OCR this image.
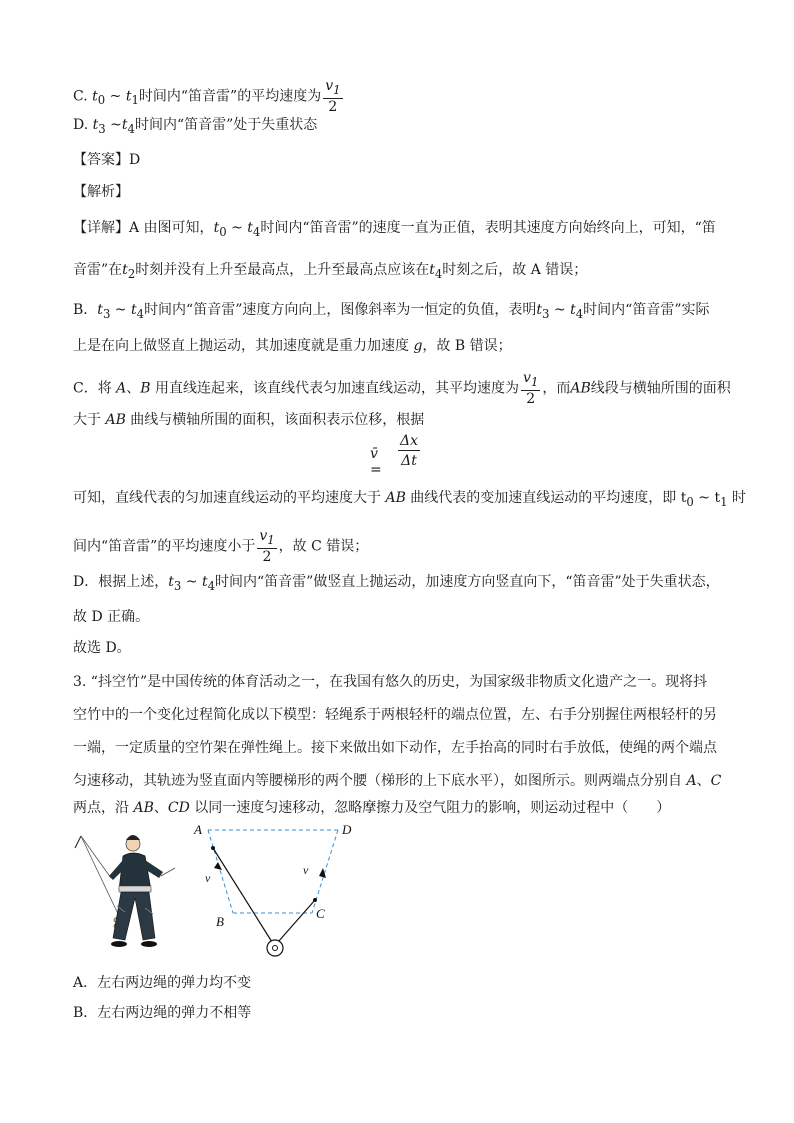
C. $t_0$ ~ $t_1$时间内“笛音雷”的平均速度为 $\frac{v_1}{2}$
D. $t_3$ $\sim t_4$时间内“笛音雷”处于失重状态
【答案】D
【解析】
【详解】A 由图可知，$t_0$ ~ $t_4$时间内“笛音雷”的速度一直为正值，表明其速度方向始终向上，可知，“笛
音雷”在$t_2$时刻并没有上升至最高点，上升至最高点应该在$t_4$时刻之后，故 A 错误；
B．$t_3$ ~ $t_4$时间内“笛音雷”速度方向向上，图像斜率为一恒定的负值，表明$t_3$ ~ $t_4$时间内“笛音雷”实际
上是在向上做竖直上抛运动，其加速度就是重力加速度 g，故 B 错误；
C．将 A、B 用直线连起来，该直线代表匀加速直线运动，其平均速度为 $\frac{v_1}{2}$ ，而AB线段与横轴所围的面积
大于 AB 曲线与横轴所围的面积，该面积表示位移，根据
v̄ = $\frac{\Delta x}{\Delta t}$
可知，直线代表的匀加速直线运动的平均速度大于 AB 曲线代表的变加速直线运动的平均速度，即 $t_0$ ~ $t_1$ 时
间内“笛音雷”的平均速度小于 $\frac{v_1}{2}$ ，故 C 错误；
D．根据上述，$t_3$ ~ $t_4$时间内“笛音雷”做竖直上抛运动，加速度方向竖直向下，“笛音雷”处于失重状态，
故 D 正确。
故选 D。
3. “抖空竹”是中国传统的体育活动之一，在我国有悠久的历史，为国家级非物质文化遗产之一。现将抖
空竹中的一个变化过程简化成以下模型：轻绳系于两根轻杆的端点位置，左、右手分别握住两根轻杆的另
一端，一定质量的空竹架在弹性绳上。接下来做出如下动作，左手抬高的同时右手放低，使绳的两个端点
匀速移动，其轨迹为竖直面内等腰梯形的两个腰（梯形的上下底水平），如图所示。则两端点分别自 A、C
两点，沿 AB、CD 以同一速度匀速移动，忽略摩擦力及空气阻力的影响，则运动过程中（　　）
A	D
B
C
v
v
A．左右两边绳的弹力均不变
B．左右两边绳的弹力不相等
